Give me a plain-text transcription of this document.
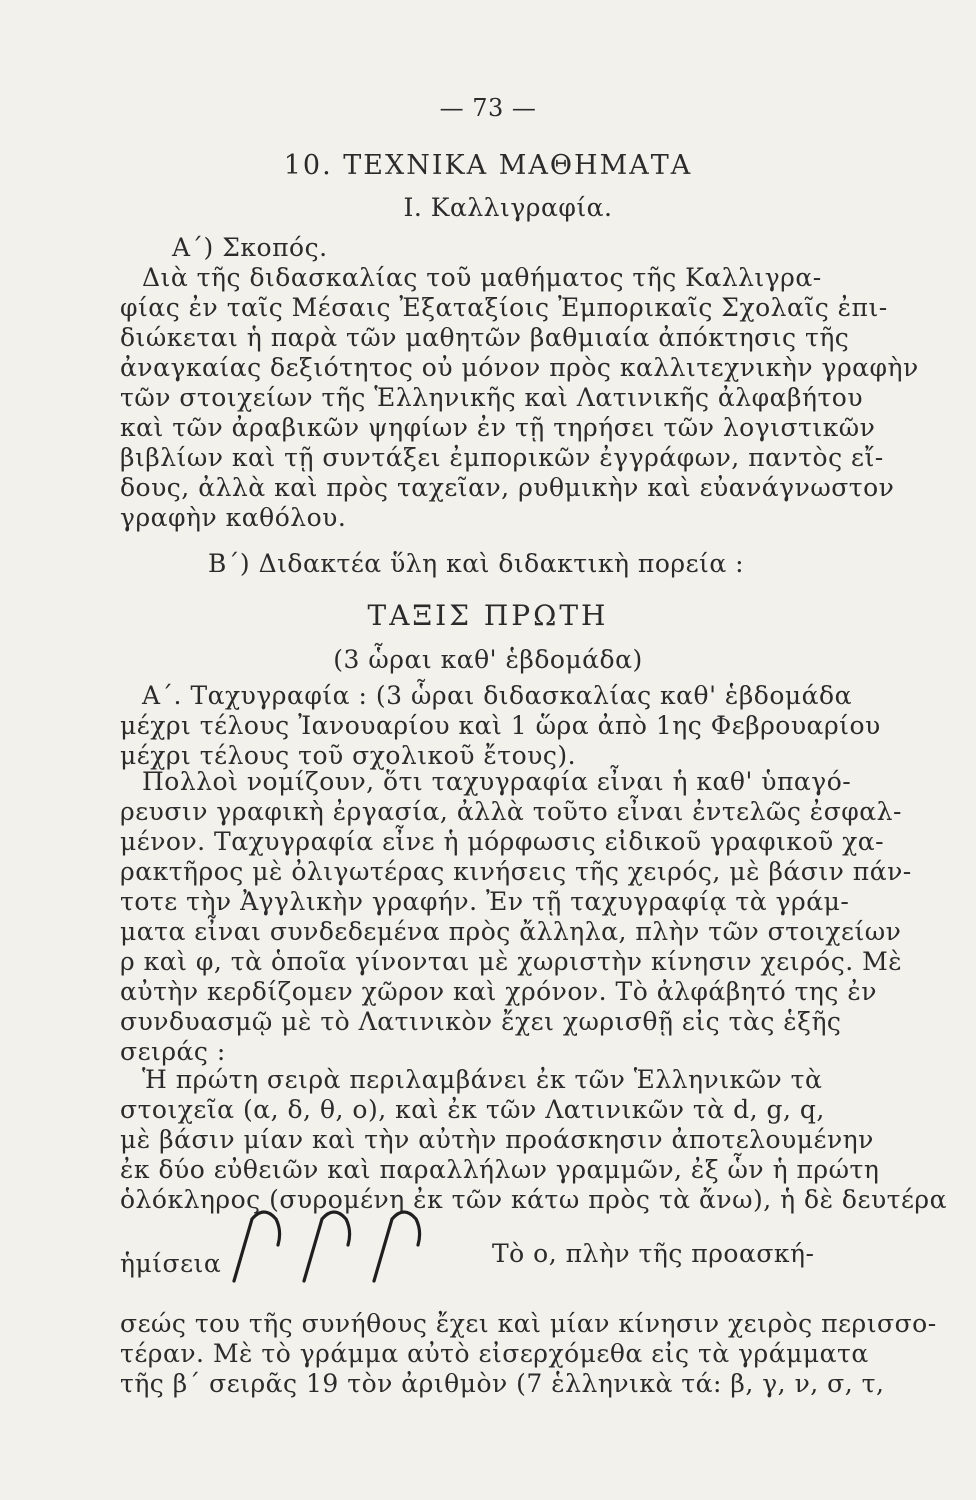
— 73 —
10. ΤΕΧΝΙΚΑ ΜΑΘΗΜΑΤΑ
Ι. Καλλιγραφία.
Α΄) Σκοπός.
Διὰ τῆς διδασκαλίας τοῦ μαθήματος τῆς Καλλιγρα-
φίας ἐν ταῖς Μέσαις Ἐξαταξίοις Ἐμπορικαῖς Σχολαῖς ἐπι-
διώκεται ἡ παρὰ τῶν μαθητῶν βαθμιαία ἀπόκτησις τῆς
ἀναγκαίας δεξιότητος οὐ μόνον πρὸς καλλιτεχνικὴν γραφὴν
τῶν στοιχείων τῆς Ἑλληνικῆς καὶ Λατινικῆς ἀλφαβήτου
καὶ τῶν ἀραβικῶν ψηφίων ἐν τῇ τηρήσει τῶν λογιστικῶν
βιβλίων καὶ τῇ συντάξει ἐμπορικῶν ἐγγράφων, παντὸς εἴ-
δους, ἀλλὰ καὶ πρὸς ταχεῖαν, ρυθμικὴν καὶ εὐανάγνωστον
γραφὴν καθόλου.
Β΄) Διδακτέα ὕλη καὶ διδακτικὴ πορεία :
ΤΑΞΙΣ ΠΡΩΤΗ
(3 ὧραι καθ' ἑβδομάδα)
Α΄. Ταχυγραφία : (3 ὧραι διδασκαλίας καθ' ἑβδομάδα
μέχρι τέλους Ἰανουαρίου καὶ 1 ὥρα ἀπὸ 1ης Φεβρουαρίου
μέχρι τέλους τοῦ σχολικοῦ ἔτους).
Πολλοὶ νομίζουν, ὅτι ταχυγραφία εἶναι ἡ καθ' ὑπαγό-
ρευσιν γραφικὴ ἐργασία, ἀλλὰ τοῦτο εἶναι ἐντελῶς ἐσφαλ-
μένον. Ταχυγραφία εἶνε ἡ μόρφωσις εἰδικοῦ γραφικοῦ χα-
ρακτῆρος μὲ ὀλιγωτέρας κινήσεις τῆς χειρός, μὲ βάσιν πάν-
τοτε τὴν Ἀγγλικὴν γραφήν. Ἐν τῇ ταχυγραφίᾳ τὰ γράμ-
ματα εἶναι συνδεδεμένα πρὸς ἄλληλα, πλὴν τῶν στοιχείων
ρ καὶ φ, τὰ ὁποῖα γίνονται μὲ χωριστὴν κίνησιν χειρός. Μὲ
αὐτὴν κερδίζομεν χῶρον καὶ χρόνον. Τὸ ἀλφάβητό της ἐν
συνδυασμῷ μὲ τὸ Λατινικὸν ἔχει χωρισθῇ εἰς τὰς ἑξῆς
σειράς :
Ἡ πρώτη σειρὰ περιλαμβάνει ἐκ τῶν Ἑλληνικῶν τὰ
στοιχεῖα (α, δ, θ, ο), καὶ ἐκ τῶν Λατινικῶν τὰ d, g, q,
μὲ βάσιν μίαν καὶ τὴν αὐτὴν προάσκησιν ἀποτελουμένην
ἐκ δύο εὐθειῶν καὶ παραλλήλων γραμμῶν, ἐξ ὧν ἡ πρώτη
ὁλόκληρος (συρομένη ἐκ τῶν κάτω πρὸς τὰ ἄνω), ἡ δὲ δευτέρα
ἡμίσεια	Τὸ ο, πλὴν τῆς προασκή-
σεώς του τῆς συνήθους ἔχει καὶ μίαν κίνησιν χειρὸς περισσο-
τέραν. Μὲ τὸ γράμμα αὐτὸ εἰσερχόμεθα εἰς τὰ γράμματα
τῆς β΄ σειρᾶς 19 τὸν ἀριθμὸν (7 ἑλληνικὰ τά: β, γ, ν, σ, τ,
